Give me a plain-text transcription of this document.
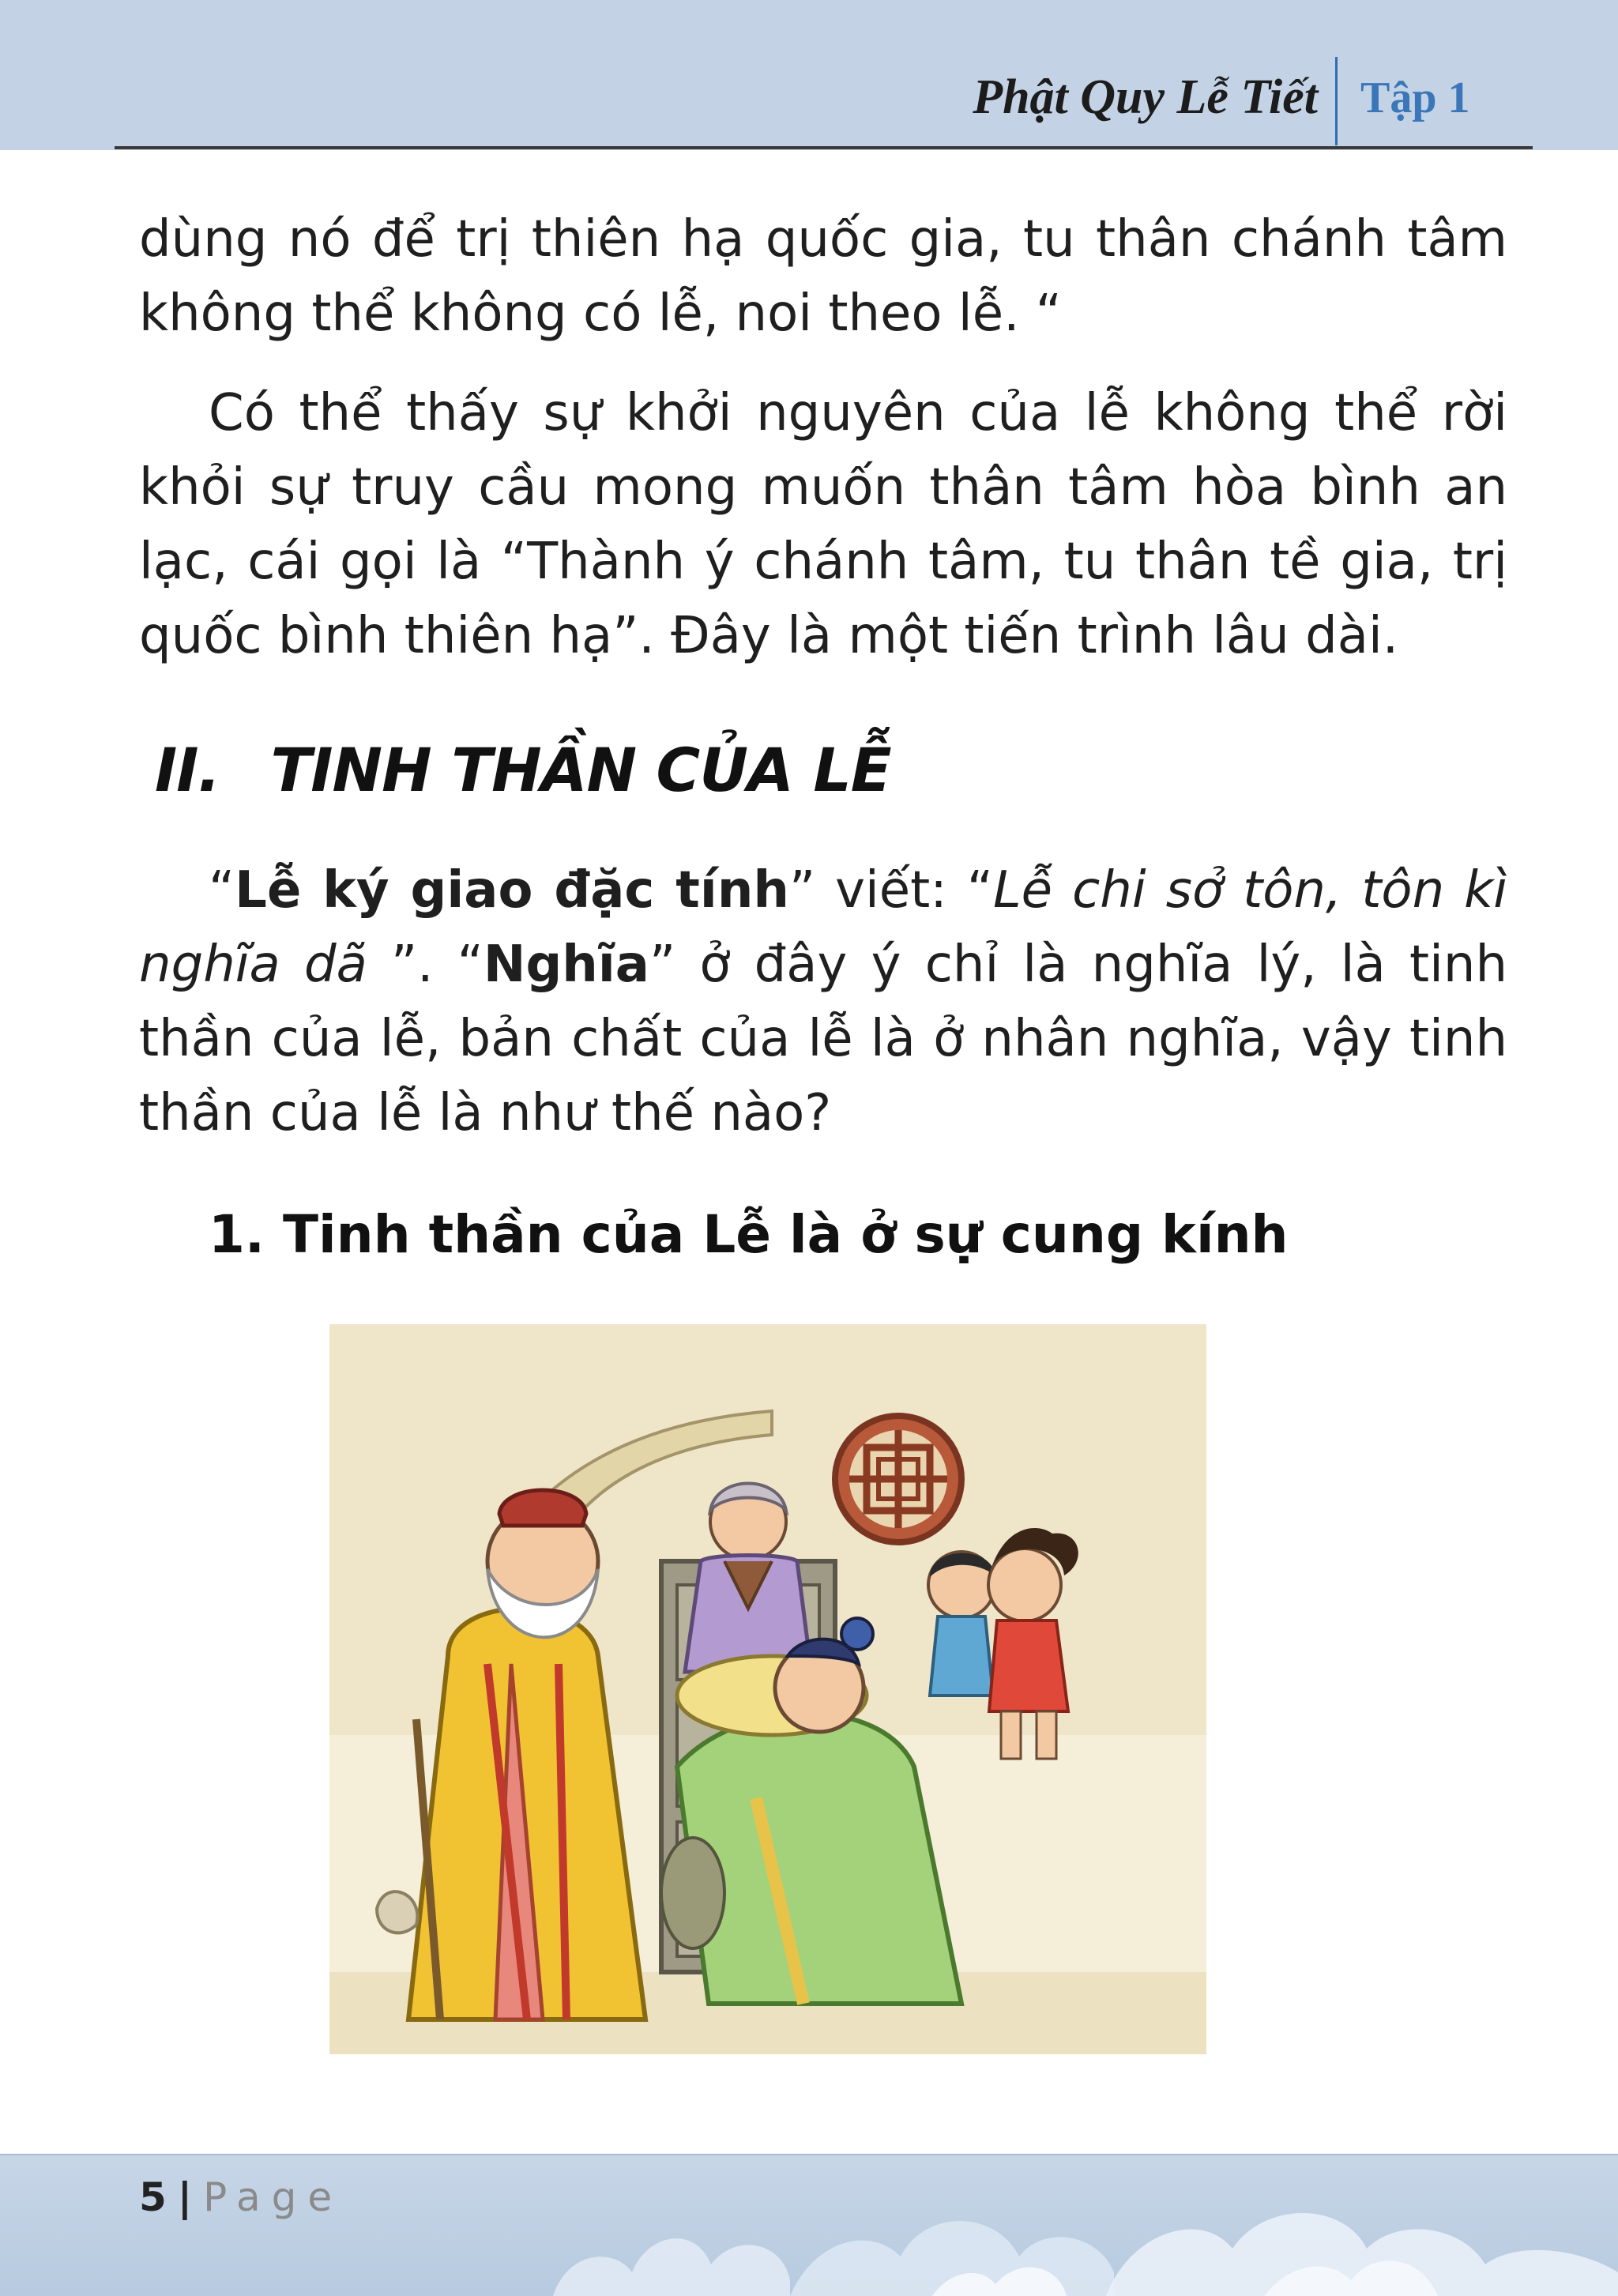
Phật Quy Lễ Tiết Tập 1

dùng nó để trị thiên hạ quốc gia, tu thân chánh tâm không thể không có lễ, noi theo lễ. “

Có thể thấy sự khởi nguyên của lễ không thể rời khỏi sự truy cầu mong muốn thân tâm hòa bình an lạc, cái gọi là “Thành ý chánh tâm, tu thân tề gia, trị quốc bình thiên hạ”. Đây là một tiến trình lâu dài.

II. TINH THẦN CỦA LỄ

“Lễ ký giao đặc tính” viết: “Lễ chi sở tôn, tôn kì nghĩa dã ”. “Nghĩa” ở đây ý chỉ là nghĩa lý, là tinh thần của lễ, bản chất của lễ là ở nhân nghĩa, vậy tinh thần của lễ là như thế nào?

1. Tinh thần của Lễ là ở sự cung kính
5 | Page
